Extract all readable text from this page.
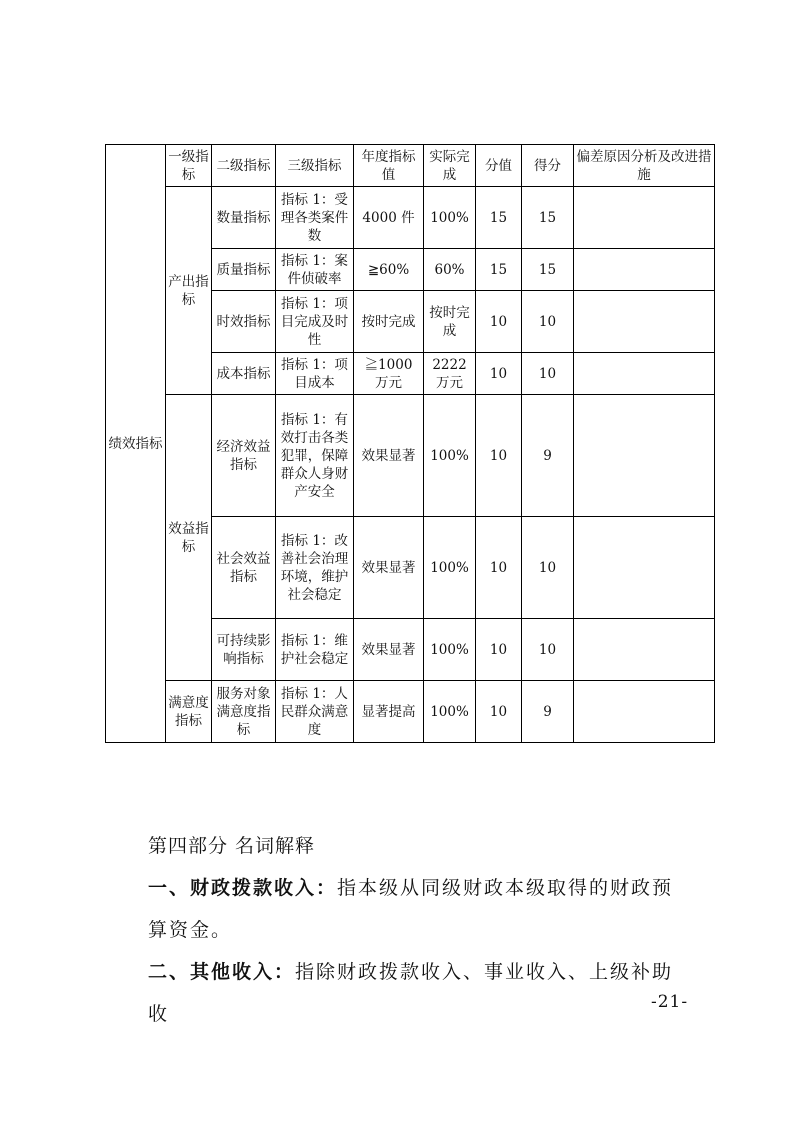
绩效指标	一级指标	二级指标	三级指标	年度指标值	实际完成	分值	得分	偏差原因分析及改进措施
	产出指标	数量指标	指标 1：受理各类案件数	4000 件	100%	15	15	
		质量指标	指标 1：案件侦破率	≧60%	60%	15	15	
		时效指标	指标 1：项目完成及时性	按时完成	按时完成	10	10	
		成本指标	指标 1：项目成本	≧1000 万元	2222 万元	10	10	
	效益指标	经济效益指标	指标 1：有效打击各类犯罪，保障群众人身财产安全	效果显著	100%	10	9	
		社会效益指标	指标 1：改善社会治理环境，维护社会稳定	效果显著	100%	10	10	
		可持续影响指标	指标 1：维护社会稳定	效果显著	100%	10	10	
	满意度指标	服务对象满意度指标	指标 1：人民群众满意度	显著提高	100%	10	9	
第四部分 名词解释
一、财政拨款收入：指本级从同级财政本级取得的财政预算资金。
二、其他收入：指除财政拨款收入、事业收入、上级补助收
-21-
